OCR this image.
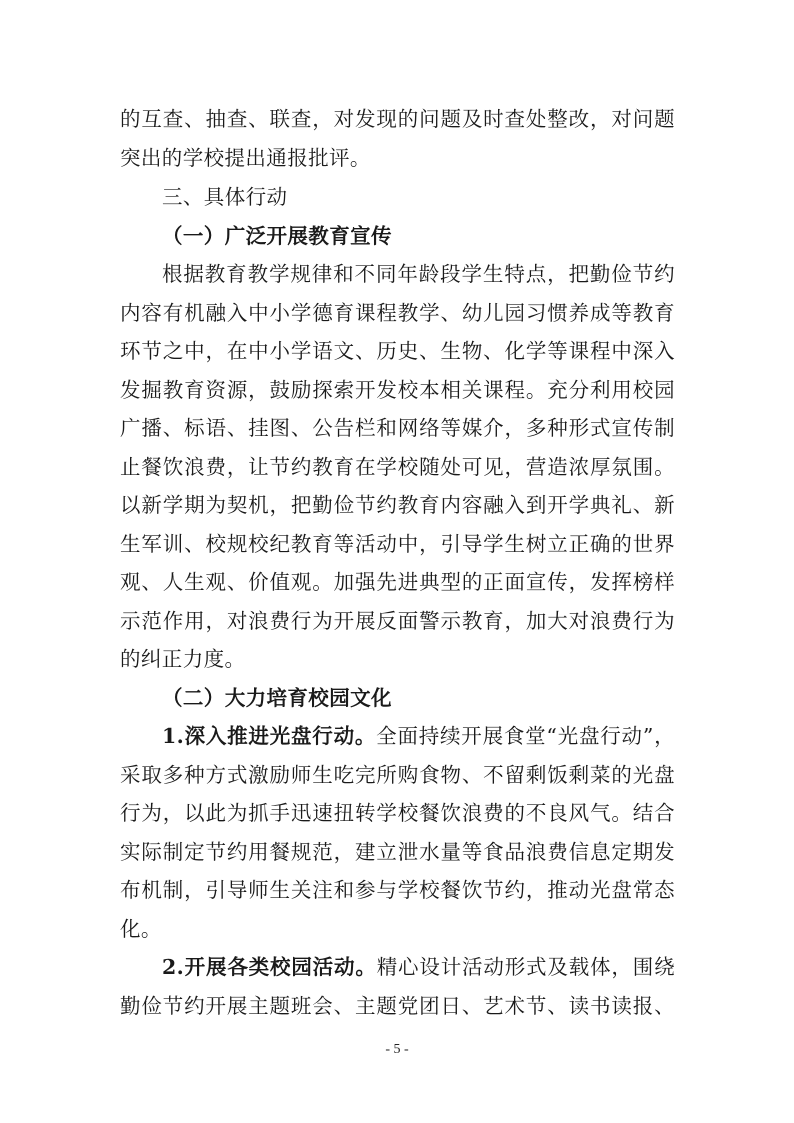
的互查、抽查、联查，对发现的问题及时查处整改，对问题
突出的学校提出通报批评。
三、具体行动
（一）广泛开展教育宣传
根据教育教学规律和不同年龄段学生特点，把勤俭节约
内容有机融入中小学德育课程教学、幼儿园习惯养成等教育
环节之中，在中小学语文、历史、生物、化学等课程中深入
发掘教育资源，鼓励探索开发校本相关课程。充分利用校园
广播、标语、挂图、公告栏和网络等媒介，多种形式宣传制
止餐饮浪费，让节约教育在学校随处可见，营造浓厚氛围。
以新学期为契机，把勤俭节约教育内容融入到开学典礼、新
生军训、校规校纪教育等活动中，引导学生树立正确的世界
观、人生观、价值观。加强先进典型的正面宣传，发挥榜样
示范作用，对浪费行为开展反面警示教育，加大对浪费行为
的纠正力度。
（二）大力培育校园文化
1.深入推进光盘行动。全面持续开展食堂“光盘行动”，
采取多种方式激励师生吃完所购食物、不留剩饭剩菜的光盘
行为，以此为抓手迅速扭转学校餐饮浪费的不良风气。结合
实际制定节约用餐规范，建立泄水量等食品浪费信息定期发
布机制，引导师生关注和参与学校餐饮节约，推动光盘常态
化。
2.开展各类校园活动。精心设计活动形式及载体，围绕
勤俭节约开展主题班会、主题党团日、艺术节、读书读报、
- 5 -
